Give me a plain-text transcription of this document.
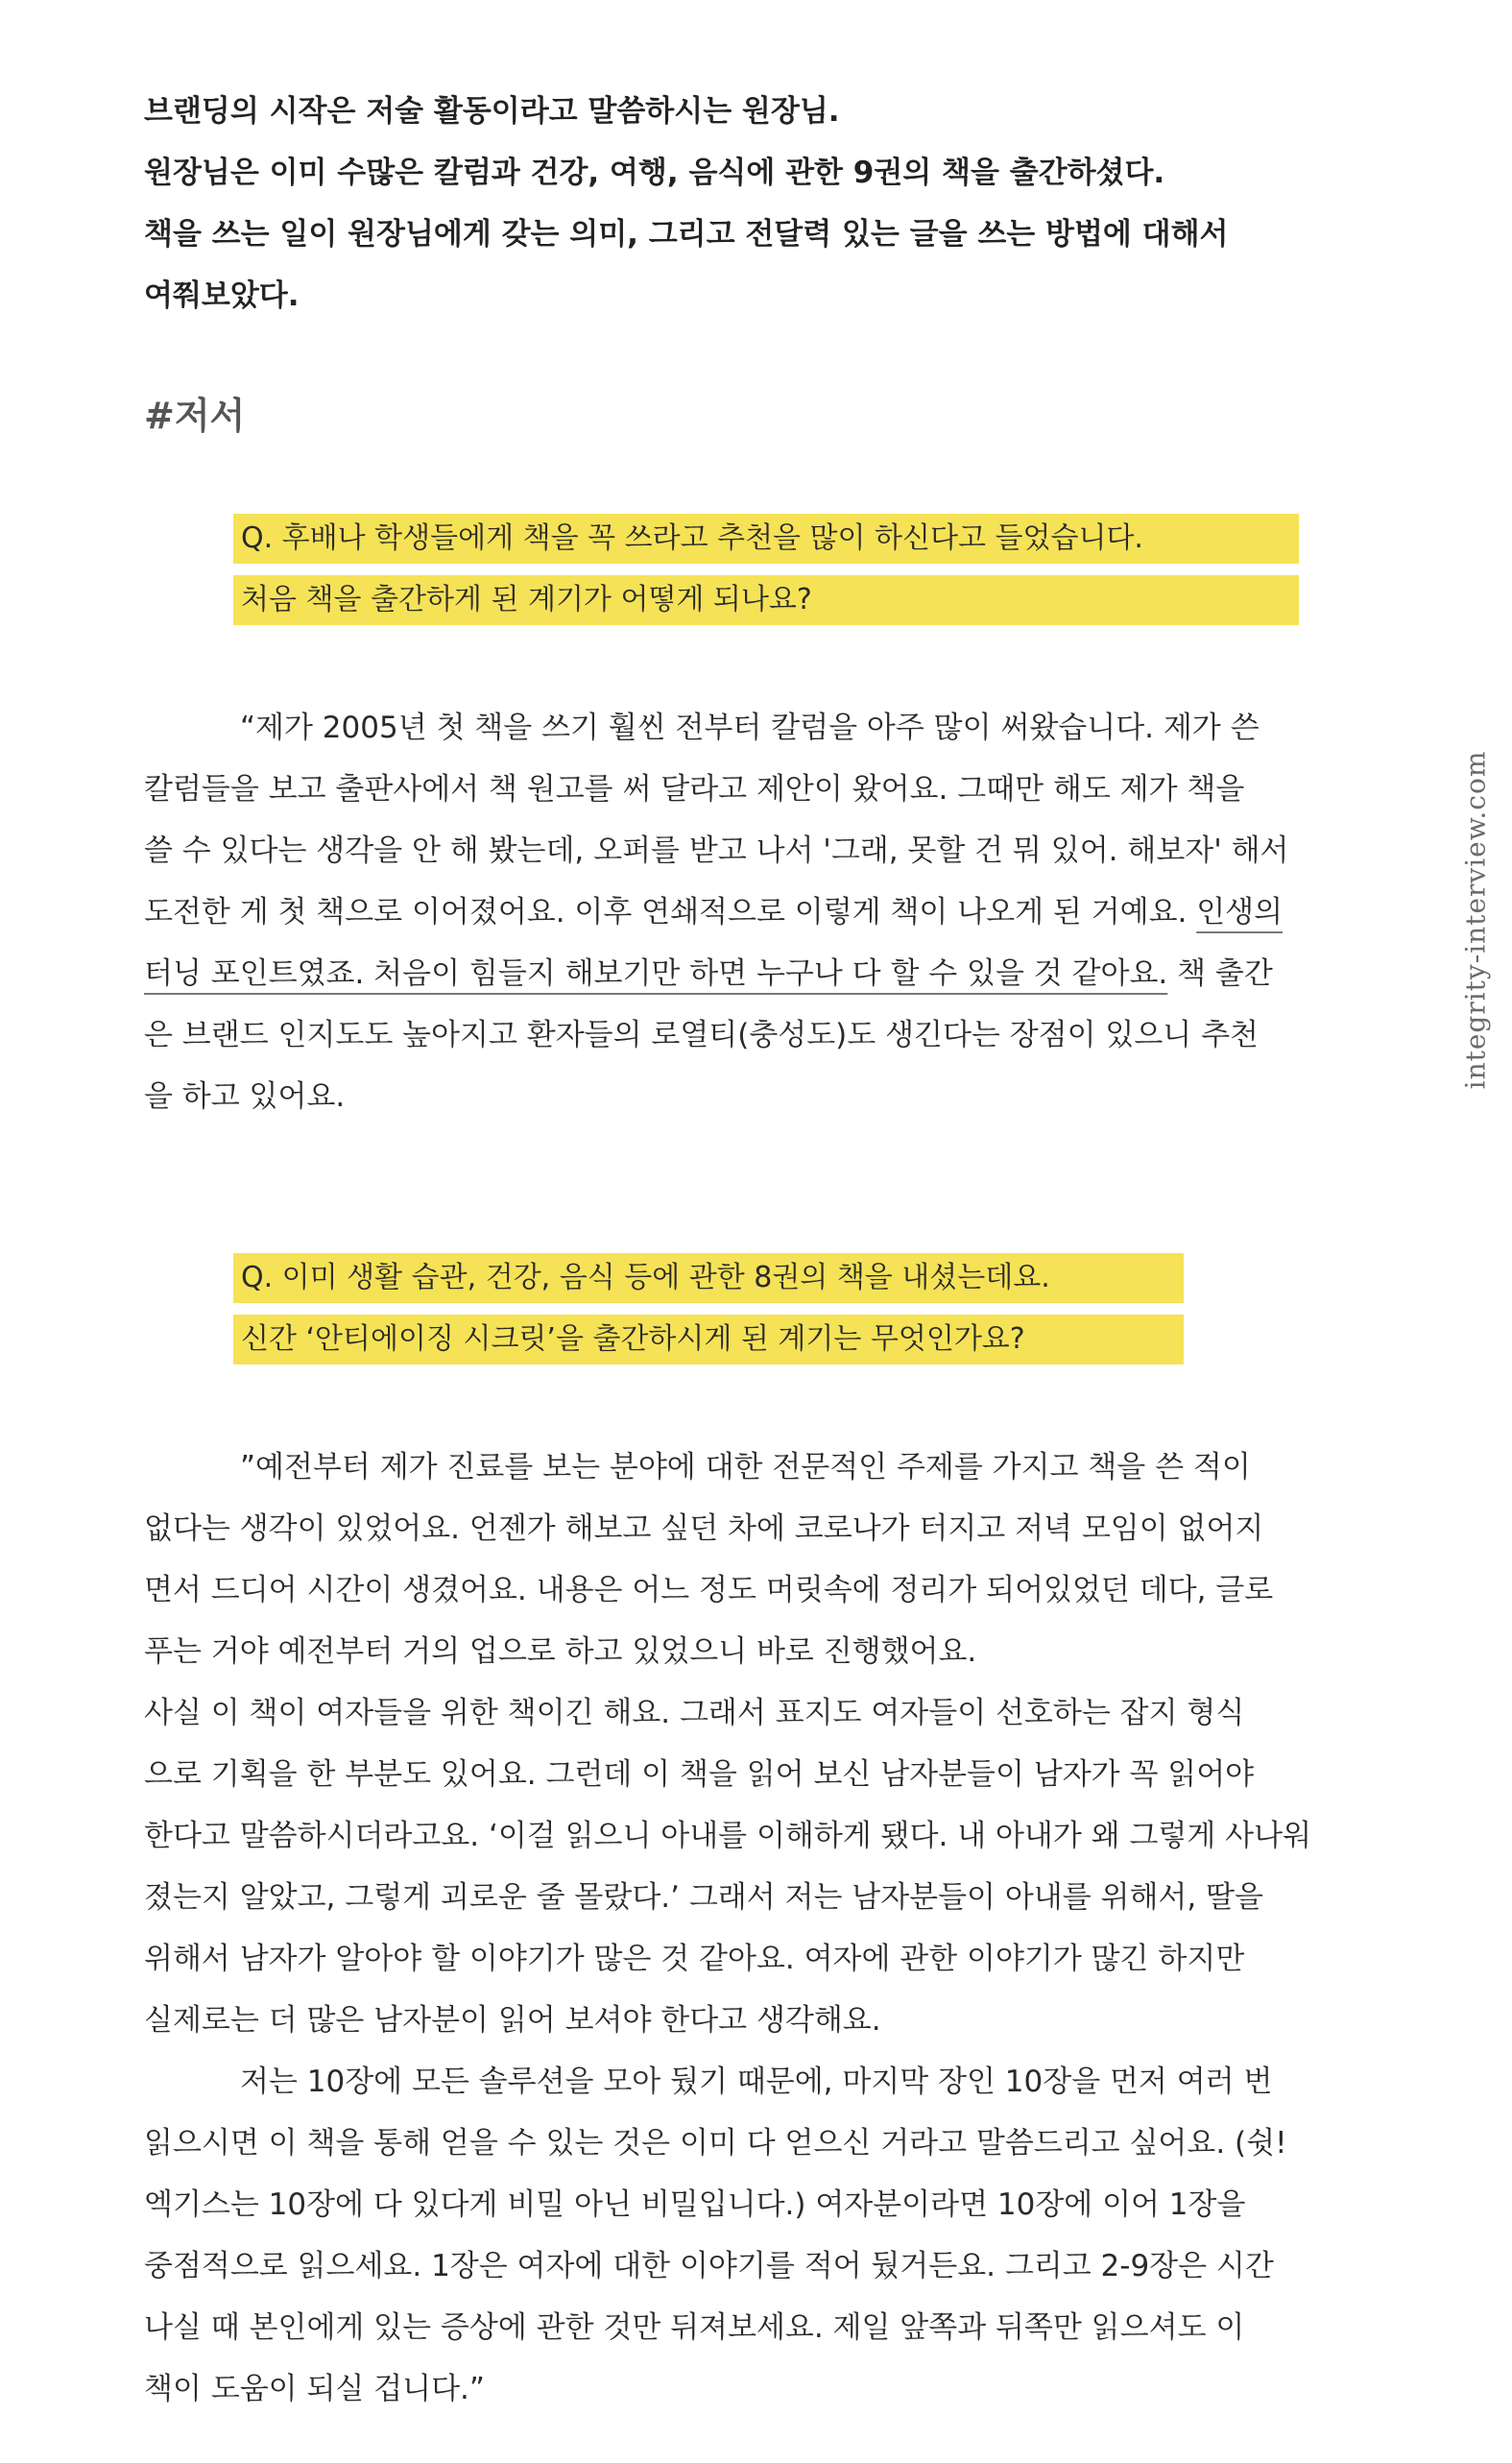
브랜딩의 시작은 저술 활동이라고 말씀하시는 원장님.

원장님은 이미 수많은 칼럼과 건강, 여행, 음식에 관한 9권의 책을 출간하셨다.

책을 쓰는 일이 원장님에게 갖는 의미, 그리고 전달력 있는 글을 쓰는 방법에 대해서

여쭤보았다.

#저서
Q. 후배나 학생들에게 책을 꼭 쓰라고 추천을 많이 하신다고 들었습니다.
처음 책을 출간하게 된 계기가 어떻게 되나요?

“제가 2005년 첫 책을 쓰기 훨씬 전부터 칼럼을 아주 많이 써왔습니다. 제가 쓴

칼럼들을 보고 출판사에서 책 원고를 써 달라고 제안이 왔어요. 그때만 해도 제가 책을

쓸 수 있다는 생각을 안 해 봤는데, 오퍼를 받고 나서 '그래, 못할 건 뭐 있어. 해보자' 해서

도전한 게 첫 책으로 이어졌어요. 이후 연쇄적으로 이렇게 책이 나오게 된 거예요. 인생의

터닝 포인트였죠. 처음이 힘들지 해보기만 하면 누구나 다 할 수 있을 것 같아요. 책 출간

은 브랜드 인지도도 높아지고 환자들의 로열티(충성도)도 생긴다는 장점이 있으니 추천

을 하고 있어요.

Q. 이미 생활 습관, 건강, 음식 등에 관한 8권의 책을 내셨는데요.
신간 ‘안티에이징 시크릿’을 출간하시게 된 계기는 무엇인가요?

”예전부터 제가 진료를 보는 분야에 대한 전문적인 주제를 가지고 책을 쓴 적이

없다는 생각이 있었어요. 언젠가 해보고 싶던 차에 코로나가 터지고 저녁 모임이 없어지

면서 드디어 시간이 생겼어요. 내용은 어느 정도 머릿속에 정리가 되어있었던 데다, 글로

푸는 거야 예전부터 거의 업으로 하고 있었으니 바로 진행했어요.

사실 이 책이 여자들을 위한 책이긴 해요. 그래서 표지도 여자들이 선호하는 잡지 형식

으로 기획을 한 부분도 있어요. 그런데 이 책을 읽어 보신 남자분들이 남자가 꼭 읽어야

한다고 말씀하시더라고요. ‘이걸 읽으니 아내를 이해하게 됐다. 내 아내가 왜 그렇게 사나워

졌는지 알았고, 그렇게 괴로운 줄 몰랐다.’ 그래서 저는 남자분들이 아내를 위해서, 딸을

위해서 남자가 알아야 할 이야기가 많은 것 같아요. 여자에 관한 이야기가 많긴 하지만

실제로는 더 많은 남자분이 읽어 보셔야 한다고 생각해요.

저는 10장에 모든 솔루션을 모아 뒀기 때문에, 마지막 장인 10장을 먼저 여러 번

읽으시면 이 책을 통해 얻을 수 있는 것은 이미 다 얻으신 거라고 말씀드리고 싶어요. (쉿!

엑기스는 10장에 다 있다게 비밀 아닌 비밀입니다.) 여자분이라면 10장에 이어 1장을

중점적으로 읽으세요. 1장은 여자에 대한 이야기를 적어 뒀거든요. 그리고 2-9장은 시간

나실 때 본인에게 있는 증상에 관한 것만 뒤져보세요. 제일 앞쪽과 뒤쪽만 읽으셔도 이

책이 도움이 되실 겁니다.”

integrity-interview.com
